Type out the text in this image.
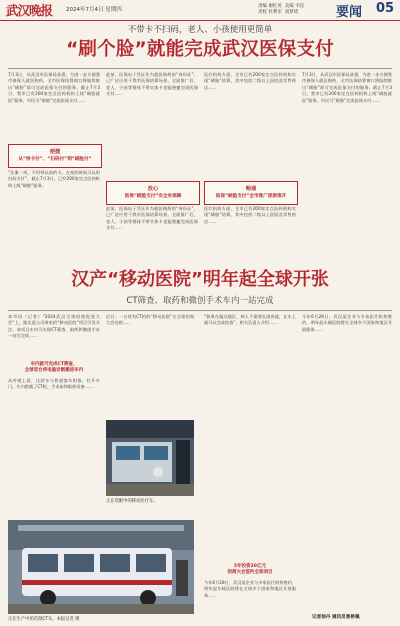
武汉晚报	2024年7月4日 星期四
责编 谢红英  美编 韦仪
责校 杜利军  刘梦琦	要闻 05
不带卡不扫码，老人、小孩使用更简单
“刷个脸”就能完成武汉医保支付
7月3日，从武汉市医保局获悉，为进一步方便我市参保人就医购药，全市医保结算窗口将陆续推出“刷脸”即可完成医保支付的服务。截止7月3日，我市已有200家定点医药机构上线“刷脸就医”服务，市民可“刷脸”完成医保支付……
便捷
从“持卡付”、“扫码付”到“刷脸付”
“注册一项，不用带以前的卡，在家的时候可以用扫码支付”，截止7月3日，已有200家定点医药机构上线“刷脸”服务。
此前，医保电子凭证作为就医购药的“身份证”，已广泛应用于我市医保结算场景。全面推广后，老人、小孩等群体不带实体卡也能便捷完成医保支付……
放心
医保“刷脸支付”安全有保障
此前，医保电子凭证作为就医购药的“身份证”，已广泛应用于我市医保结算场景。全面推广后，老人、小孩等群体不带实体卡也能便捷完成医保支付……
医疗机构方面，全市已有200家定点医药机构实现“刷脸”结算，其中包括二级以上医院及零售药店……
畅通
医保“刷脸支付”全市推广逐渐推开
医疗机构方面，全市已有200家定点医药机构实现“刷脸”结算，其中包括二级以上医院及零售药店……
7月3日，从武汉市医保局获悉，为进一步方便我市参保人就医购药，全市医保结算窗口将陆续推出“刷脸”即可完成医保支付的服务。截止7月3日，我市已有200家定点医药机构上线“刷脸就医”服务，市民可“刷脸”完成医保支付……
汉产“移动医院”明年起全球开张
CT筛查、取药和微创手术车内一站完成
本市讯（记者）“2024武汉全球招商促进大会”上，湖北某公司带来的“移动医院”项目引发关注。该项目车内可实现CT筛查、取药和微创手术一站式完成……
车内就可完成CT筛查，
全球首台将电脑诊断搬进车内
从外观上看，这款车与普通客车相似。打开车门，车内搭载了CT机、手术床和取药设备……
正在生产中的首批CT车。本报记者 摄
近日，一台装有CT机的“移动医院”在全球招商大会亮相……
正在装配中的移动医疗车。
“如果在偏远地区，病人不需要长途奔波，在车上就可以完成检查”，相关负责人介绍……
5年投资20亿元
招商大会签约全球项目
今年6月28日，武汉某企业与多家医疗机构签约，明年起车载医院将在全球多个国家和地区开展服务……
今年6月28日，武汉某企业与多家医疗机构签约，明年起车载医院将在全球多个国家和地区开展服务……
记者徐丹 通讯员曾桥佩
